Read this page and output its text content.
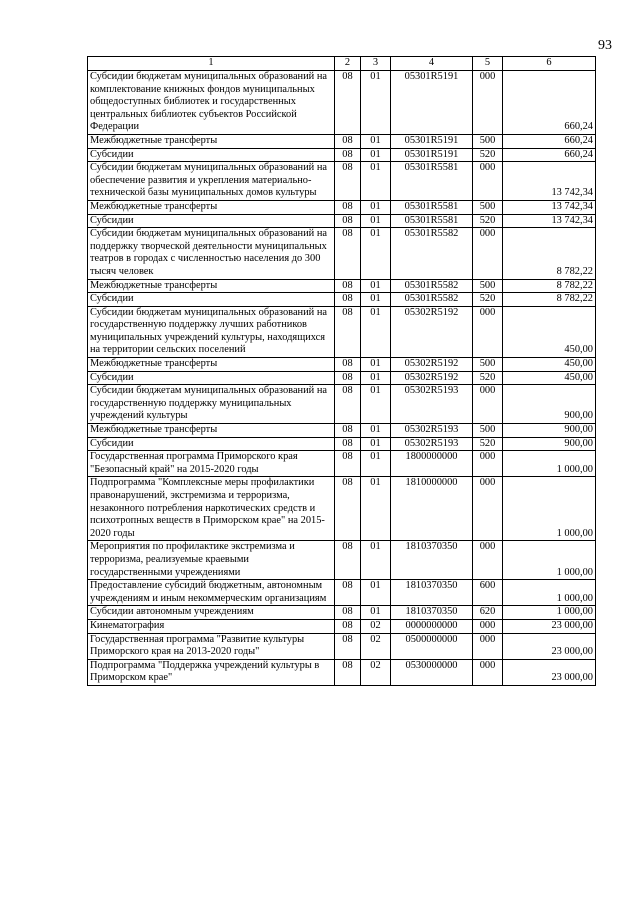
93
1	2	3	4	5	6
Субсидии бюджетам муниципальных образований на комплектование книжных фондов муниципальных общедоступных библиотек и государственных центральных библиотек субъектов Российской Федерации	08	01	05301R5191	000	660,24
Межбюджетные трансферты	08	01	05301R5191	500	660,24
Субсидии	08	01	05301R5191	520	660,24
Субсидии бюджетам муниципальных образований на обеспечение развития и укрепления материально-технической базы муниципальных домов культуры	08	01	05301R5581	000	13 742,34
Межбюджетные трансферты	08	01	05301R5581	500	13 742,34
Субсидии	08	01	05301R5581	520	13 742,34
Субсидии бюджетам муниципальных образований на поддержку творческой деятельности муниципальных театров в городах с численностью населения до 300 тысяч человек	08	01	05301R5582	000	8 782,22
Межбюджетные трансферты	08	01	05301R5582	500	8 782,22
Субсидии	08	01	05301R5582	520	8 782,22
Субсидии бюджетам муниципальных образований на государственную поддержку лучших работников муниципальных учреждений культуры, находящихся на территории сельских поселений	08	01	05302R5192	000	450,00
Межбюджетные трансферты	08	01	05302R5192	500	450,00
Субсидии	08	01	05302R5192	520	450,00
Субсидии бюджетам муниципальных образований на государственную поддержку муниципальных учреждений культуры	08	01	05302R5193	000	900,00
Межбюджетные трансферты	08	01	05302R5193	500	900,00
Субсидии	08	01	05302R5193	520	900,00
Государственная программа Приморского края "Безопасный край" на 2015-2020 годы	08	01	1800000000	000	1 000,00
Подпрограмма "Комплексные меры профилактики правонарушений, экстремизма и терроризма, незаконного потребления наркотических средств и психотропных веществ в Приморском крае" на 2015-2020 годы	08	01	1810000000	000	1 000,00
Мероприятия по профилактике экстремизма и терроризма, реализуемые краевыми государственными учреждениями	08	01	1810370350	000	1 000,00
Предоставление субсидий бюджетным, автономным учреждениям и иным некоммерческим организациям	08	01	1810370350	600	1 000,00
Субсидии автономным учреждениям	08	01	1810370350	620	1 000,00
Кинематография	08	02	0000000000	000	23 000,00
Государственная программа "Развитие культуры Приморского края на 2013-2020 годы"	08	02	0500000000	000	23 000,00
Подпрограмма "Поддержка учреждений культуры в Приморском крае"	08	02	0530000000	000	23 000,00
